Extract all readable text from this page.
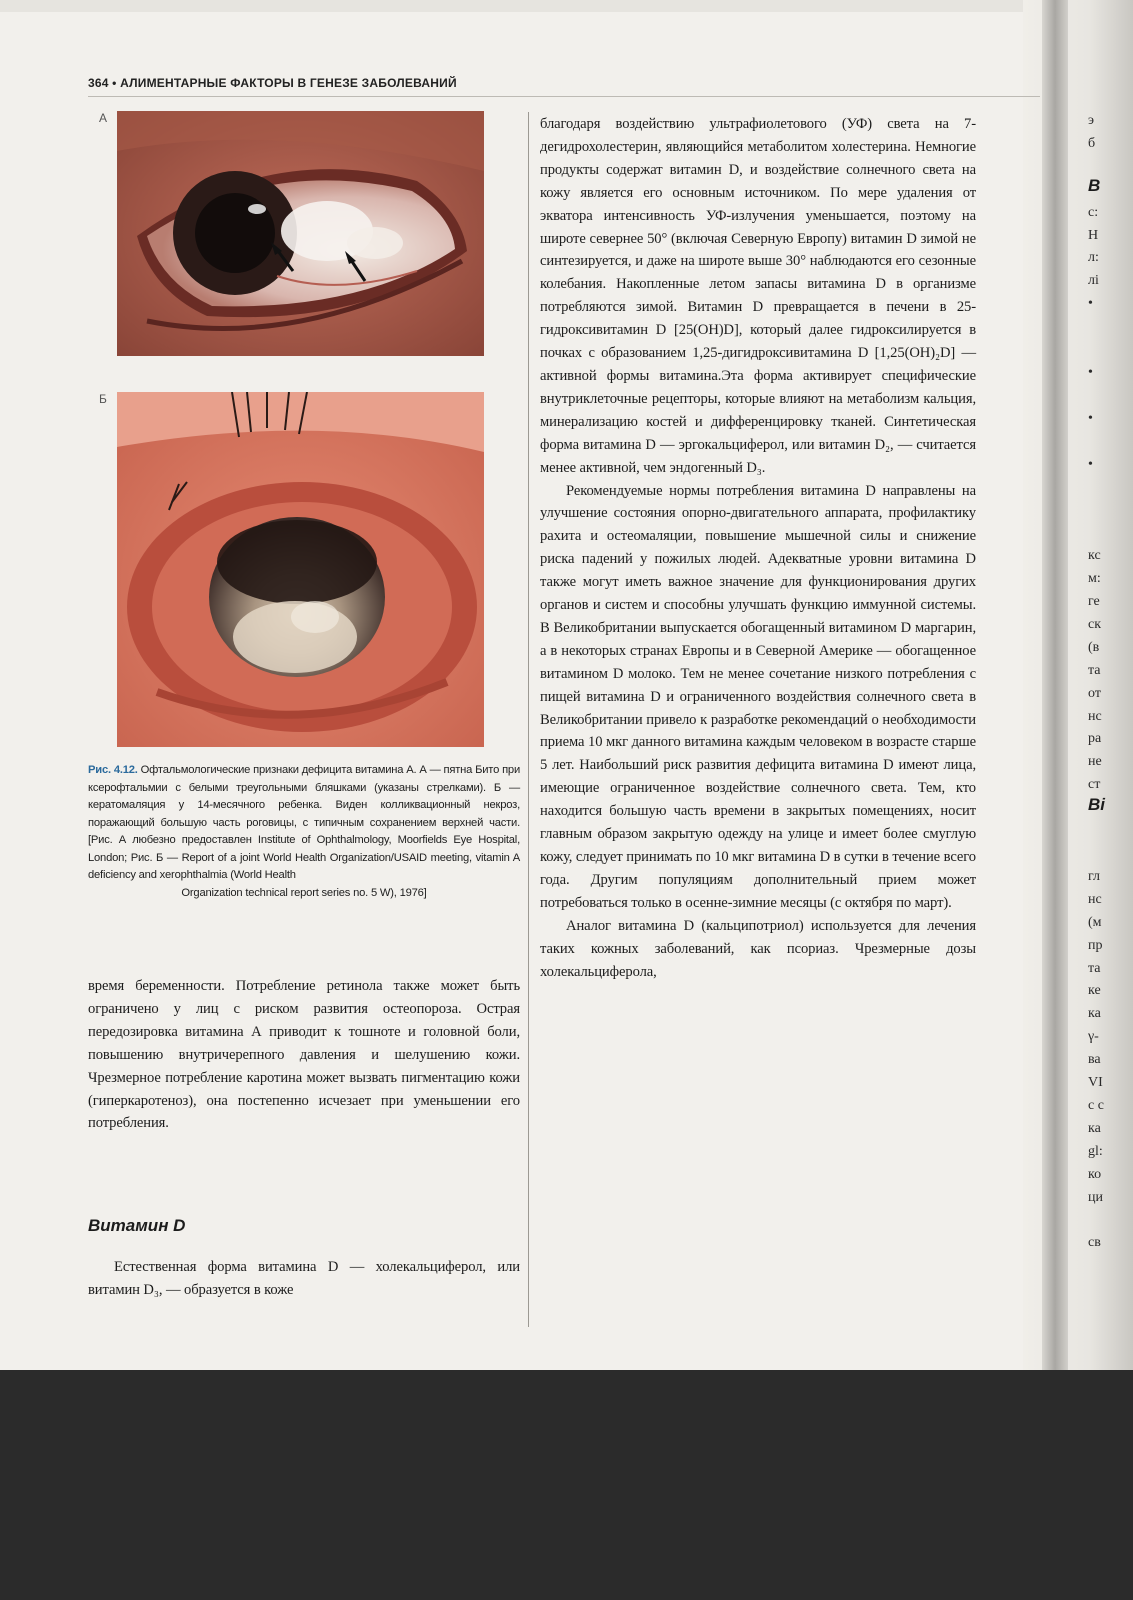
364 • АЛИМЕНТАРНЫЕ ФАКТОРЫ В ГЕНЕЗЕ ЗАБОЛЕВАНИЙ
А
Б
Рис. 4.12. Офтальмологические признаки дефицита витамина А. А — пятна Бито при ксерофтальмии с белыми треугольными бляшками (указаны стрелками). Б — кератомаляция у 14-месячного ребенка. Виден колликвационный некроз, поражающий большую часть роговицы, с типичным сохранением верхней части. [Рис. А любезно предоставлен Institute of Ophthalmology, Moorfields Eye Hospital, London; Рис. Б — Report of a joint World Health Organization/USAID meeting, vitamin A deficiency and xerophthalmia (World Health
Organization technical report series no. 5 W), 1976]

время беременности. Потребление ретинола также может быть ограничено у лиц с риском развития остеопороза. Острая передозировка витамина А приводит к тошноте и головной боли, повышению внутричерепного давления и шелушению кожи. Чрезмерное потребление каротина может вызвать пигментацию кожи (гиперкаротеноз), она постепенно исчезает при уменьшении его потребления.

Витамин D

Естественная форма витамина D — холекальциферол, или витамин D₃, — образуется в коже

благодаря воздействию ультрафиолетового (УФ) света на 7-дегидрохолестерин, являющийся метаболитом холестерина. Немногие продукты содержат витамин D, и воздействие солнечного света на кожу является его основным источником. По мере удаления от экватора интенсивность УФ-излучения уменьшается, поэтому на широте севернее 50° (включая Северную Европу) витамин D зимой не синтезируется, и даже на широте выше 30° наблюдаются его сезонные колебания. Накопленные летом запасы витамина D в организме потребляются зимой. Витамин D превращается в печени в 25-гидроксивитамин D [25(OH)D], который далее гидроксилируется в почках с образованием 1,25-дигидроксивитамина D [1,25(OH)₂D] — активной формы витамина.Эта форма активирует специфические внутриклеточные рецепторы, которые влияют на метаболизм кальция, минерализацию костей и дифференцировку тканей. Синтетическая форма витамина D — эргокальциферол, или витамин D₂, — считается менее активной, чем эндогенный D₃.

Рекомендуемые нормы потребления витамина D направлены на улучшение состояния опорно-двигательного аппарата, профилактику рахита и остеомаляции, повышение мышечной силы и снижение риска падений у пожилых людей. Адекватные уровни витамина D также могут иметь важное значение для функционирования других органов и систем и способны улучшать функцию иммунной системы. В Великобритании выпускается обогащенный витамином D маргарин, а в некоторых странах Европы и в Северной Америке — обогащенное витамином D молоко. Тем не менее сочетание низкого потребления с пищей витамина D и ограниченного воздействия солнечного света в Великобритании привело к разработке рекомендаций о необходимости приема 10 мкг данного витамина каждым человеком в возрасте старше 5 лет. Наибольший риск развития дефицита витамина D имеют лица, имеющие ограниченное воздействие солнечного света. Тем, кто находится большую часть времени в закрытых помещениях, носит главным образом закрытую одежду на улице и имеет более смуглую кожу, следует принимать по 10 мкг витамина D в сутки в течение всего года. Другим популяциям дополнительный прием может потребоваться только в осенне-зимние месяцы (с октября по март).

Аналог витамина D (кальципотриол) используется для лечения таких кожных заболеваний, как псориаз. Чрезмерные дозы холекальциферола,

э
б

с:
Н
л:
лі
•

•

•

•

кс
м:
ге
ск
(в
та
от
нс
ра
не
ст

гл
нс
(м
пр
та
ке
ка
γ-
ва
VI
с с
ка
gl:
ко
ци

св
В
Ві
